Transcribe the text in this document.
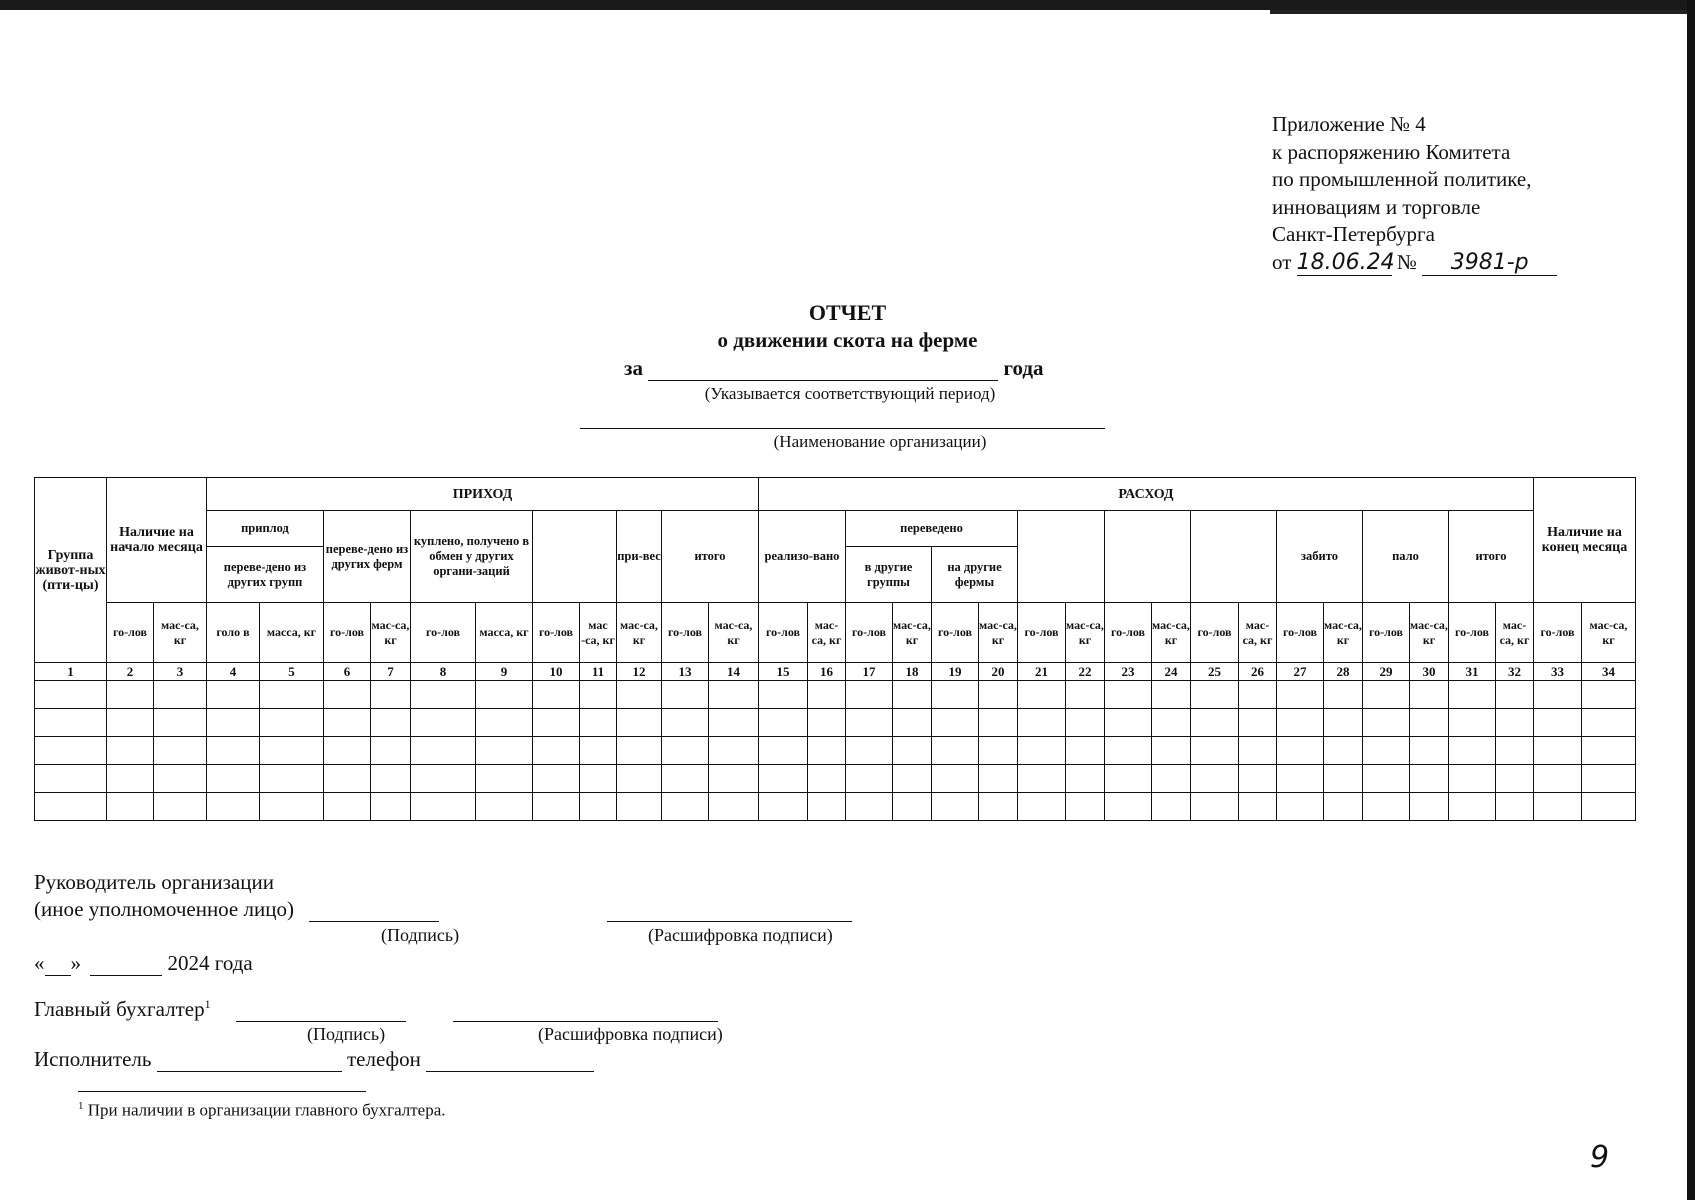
Приложение № 4
к распоряжению Комитета
по промышленной политике,
инновациям и торговле
Санкт-Петербурга
от 18.06.24 № 3981-р
ОТЧЕТ
о движении скота на ферме
за	года
(Указывается соответствующий период)
(Наименование организации)
Группа живот-ных (пти-цы)	Наличие на начало месяца		ПРИХОД											РАСХОД																		Наличие на конец месяца	
			приплод		переве-дено из других ферм		куплено, получено в обмен у других органи-заций				при-вес	итого		реализо-вано		переведено										забито		пало		итого			
			переве-дено из других групп													в другие группы		на другие фермы															
	го-лов	мас-са, кг	голо в	масса, кг	го-лов	мас-са, кг	го-лов	масса, кг	го-лов	мас -са, кг	мас-са, кг	го-лов	мас-са, кг	го-лов	мас-са, кг	го-лов	мас-са, кг	го-лов	мас-са, кг	го-лов	мас-са, кг	го-лов	мас-са, кг	го-лов	мас-са, кг	го-лов	мас-са, кг	го-лов	мас-са, кг	го-лов	мас-са, кг	го-лов	мас-са, кг
1	2	3	4	5	6	7	8	9	10	11	12	13	14	15	16	17	18	19	20	21	22	23	24	25	26	27	28	29	30	31	32	33	34

Руководитель организации
(иное уполномоченное лицо)
(Подпись)	(Расшифровка подписи)
« »	2024 года
Главный бухгалтер$^1$
(Подпись)	(Расшифровка подписи)
Исполнитель	телефон
$^1$ При наличии в организации главного бухгалтера.
9
